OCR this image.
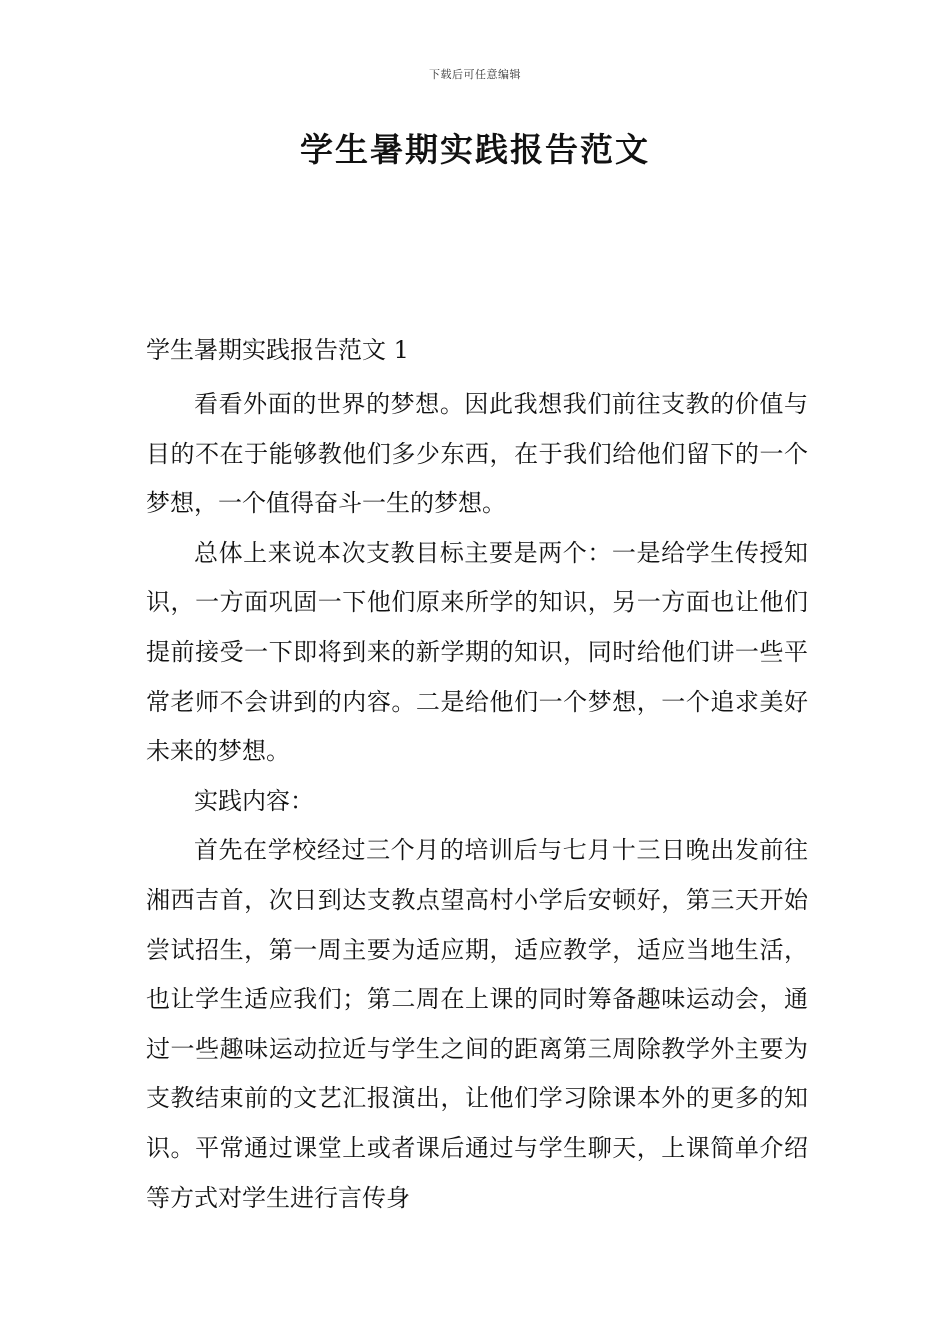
下载后可任意编辑
学生暑期实践报告范文
学生暑期实践报告范文 1

看看外面的世界的梦想。因此我想我们前往支教的价值与目的不在于能够教他们多少东西，在于我们给他们留下的一个梦想，一个值得奋斗一生的梦想。

总体上来说本次支教目标主要是两个：一是给学生传授知识，一方面巩固一下他们原来所学的知识，另一方面也让他们提前接受一下即将到来的新学期的知识，同时给他们讲一些平常老师不会讲到的内容。二是给他们一个梦想，一个追求美好未来的梦想。

实践内容：

首先在学校经过三个月的培训后与七月十三日晚出发前往湘西吉首，次日到达支教点望高村小学后安顿好，第三天开始尝试招生，第一周主要为适应期，适应教学，适应当地生活，也让学生适应我们；第二周在上课的同时筹备趣味运动会，通过一些趣味运动拉近与学生之间的距离第三周除教学外主要为支教结束前的文艺汇报演出，让他们学习除课本外的更多的知识。平常通过课堂上或者课后通过与学生聊天，上课简单介绍等方式对学生进行言传身
